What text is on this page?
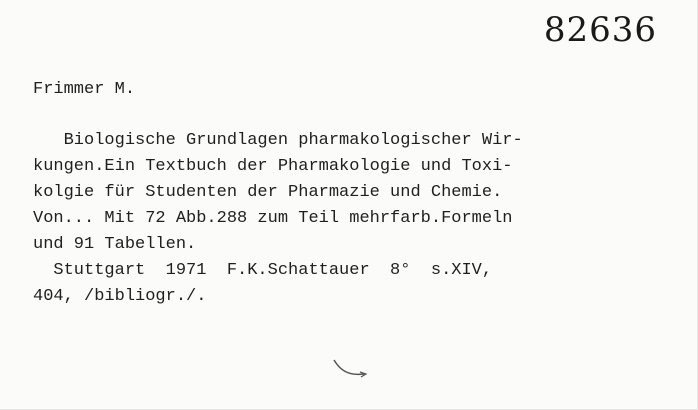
82636
Frimmer M.
Biologische Grundlagen pharmakologischer Wir-
kungen.Ein Textbuch der Pharmakologie und Toxi-
kolgie für Studenten der Pharmazie und Chemie.
Von... Mit 72 Abb.288 zum Teil mehrfarb.Formeln
und 91 Tabellen.
Stuttgart  1971  F.K.Schattauer  8°  s.XIV,
404, /bibliogr./.
